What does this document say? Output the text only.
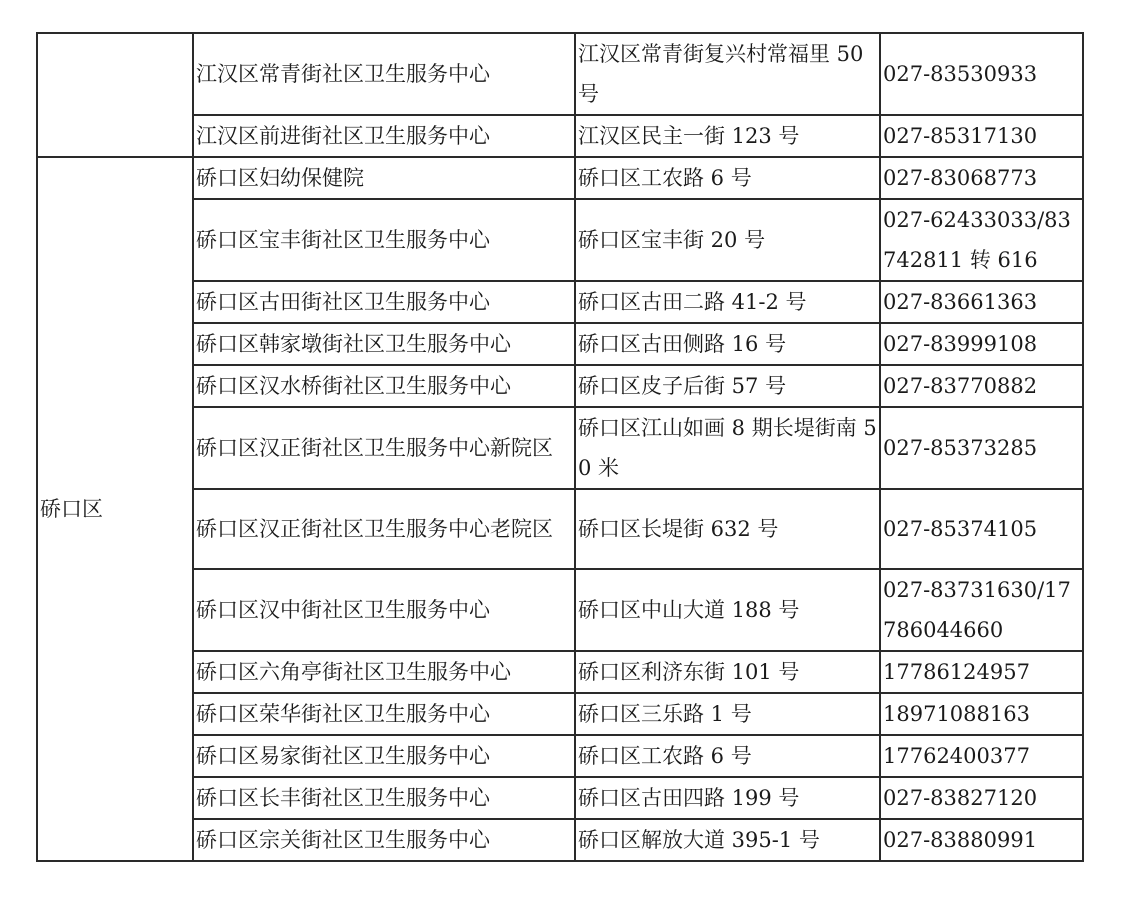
	江汉区常青街社区卫生服务中心	江汉区常青街复兴村常福里 50 号	027-83530933
	江汉区前进街社区卫生服务中心	江汉区民主一街 123 号	027-85317130
硚口区	硚口区妇幼保健院	硚口区工农路 6 号	027-83068773
	硚口区宝丰街社区卫生服务中心	硚口区宝丰街 20 号	027-62433033/83742811 转 616
	硚口区古田街社区卫生服务中心	硚口区古田二路 41-2 号	027-83661363
	硚口区韩家墩街社区卫生服务中心	硚口区古田侧路 16 号	027-83999108
	硚口区汉水桥街社区卫生服务中心	硚口区皮子后街 57 号	027-83770882
	硚口区汉正街社区卫生服务中心新院区	硚口区江山如画 8 期长堤街南 50 米	027-85373285
	硚口区汉正街社区卫生服务中心老院区	硚口区长堤街 632 号	027-85374105
	硚口区汉中街社区卫生服务中心	硚口区中山大道 188 号	027-83731630/17786044660
	硚口区六角亭街社区卫生服务中心	硚口区利济东街 101 号	17786124957
	硚口区荣华街社区卫生服务中心	硚口区三乐路 1 号	18971088163
	硚口区易家街社区卫生服务中心	硚口区工农路 6 号	17762400377
	硚口区长丰街社区卫生服务中心	硚口区古田四路 199 号	027-83827120
	硚口区宗关街社区卫生服务中心	硚口区解放大道 395-1 号	027-83880991
